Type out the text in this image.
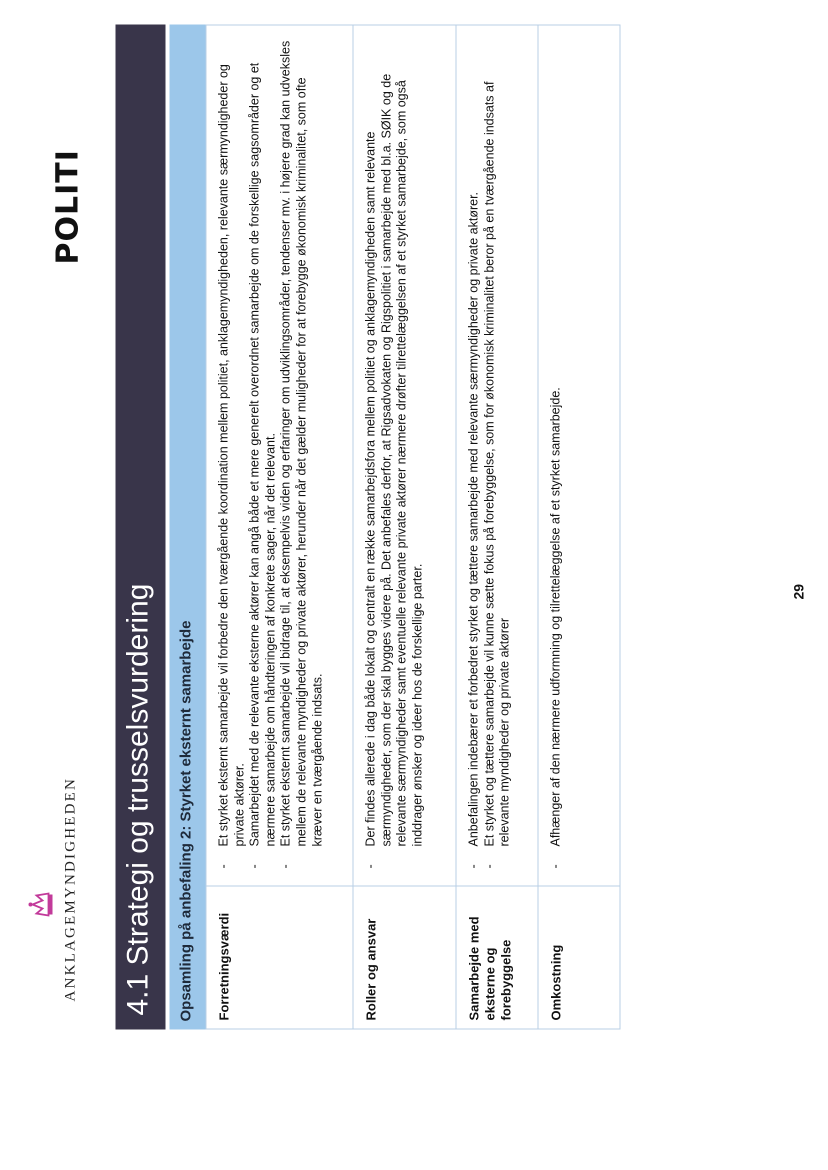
ANKLAGEMYNDIGHEDEN
POLITI
4.1 Strategi og trusselsvurdering Opsamling på anbefaling 2: Styrket eksternt samarbejde Forretningsværdi
- Et styrket eksternt samarbejde vil forbedre den tværgående koordination mellem politiet, anklagemyndigheden, relevante særmyndigheder og private aktører. - Samarbejdet med de relevante eksterne aktører kan angå både et mere generelt overordnet samarbejde om de forskellige sagsområder og et nærmere samarbejde om håndteringen af konkrete sager, når det relevant. - Et styrket eksternt samarbejde vil bidrage til, at eksempelvis viden og erfaringer om udviklingsområder, tendenser mv. i højere grad kan udveksles mellem de relevante myndigheder og private aktører, herunder når det gælder muligheder for at forebygge økonomisk kriminalitet, som ofte kræver en tværgående indsats.
Roller og ansvar
- Der findes allerede i dag både lokalt og centralt en række samarbejdsfora mellem politiet og anklagemyndigheden samt relevante særmyndigheder, som der skal bygges videre på. Det anbefales derfor, at Rigsadvokaten og Rigspolitiet i samarbejde med bl.a. SØIK og de relevante særmyndigheder samt eventuelle relevante private aktører nærmere drøfter tilrettelæggelsen af et styrket samarbejde, som også inddrager ønsker og ideer hos de forskellige parter.
Samarbejde med eksterne og forebyggelse
- Anbefalingen indebærer et forbedret styrket og tættere samarbejde med relevante særmyndigheder og private aktører. - Et styrket og tættere samarbejde vil kunne sætte fokus på forebyggelse, som for økonomisk kriminalitet beror på en tværgående indsats af relevante myndigheder og private aktører
Omkostning
- Afhænger af den nærmere udformning og tilrettelæggelse af et styrket samarbejde.	29
